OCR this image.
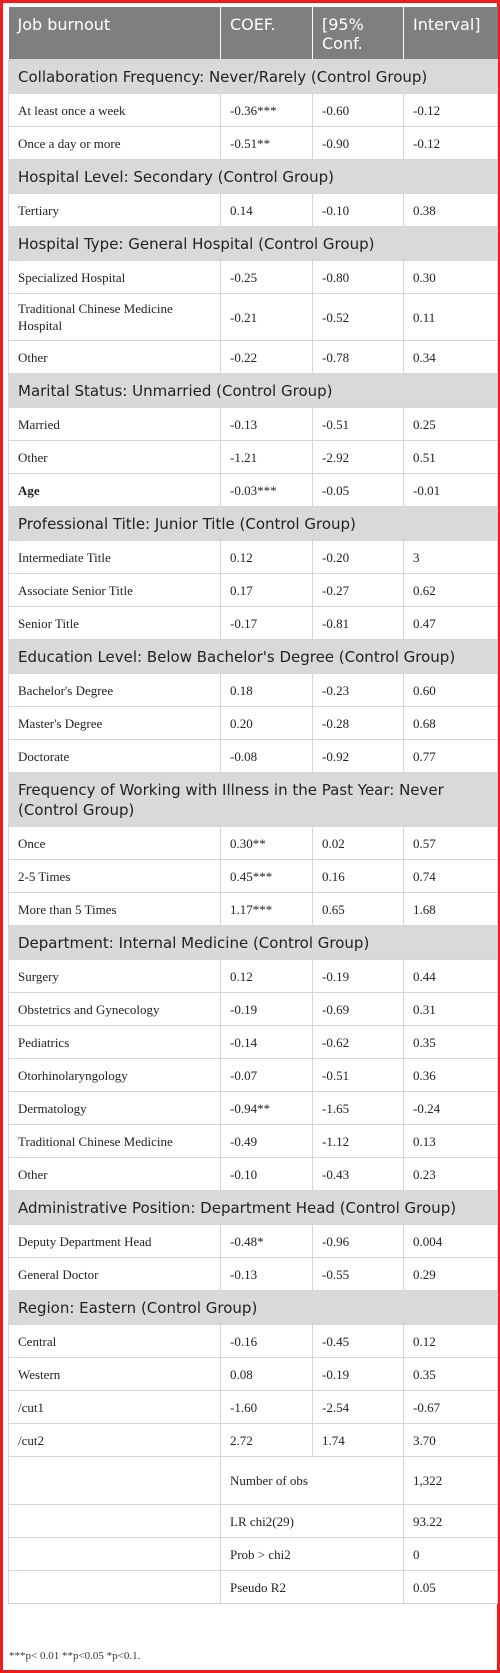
Job burnout	COEF.	[95% Conf.	Interval]
Collaboration Frequency: Never/Rarely (Control Group)			
At least once a week	-0.36***	-0.60	-0.12
Once a day or more	-0.51**	-0.90	-0.12
Hospital Level: Secondary (Control Group)			
Tertiary	0.14	-0.10	0.38
Hospital Type: General Hospital (Control Group)			
Specialized Hospital	-0.25	-0.80	0.30
Traditional Chinese Medicine Hospital	-0.21	-0.52	0.11
Other	-0.22	-0.78	0.34
Marital Status: Unmarried (Control Group)			
Married	-0.13	-0.51	0.25
Other	-1.21	-2.92	0.51
Age	-0.03***	-0.05	-0.01
Professional Title: Junior Title (Control Group)			
Intermediate Title	0.12	-0.20	3
Associate Senior Title	0.17	-0.27	0.62
Senior Title	-0.17	-0.81	0.47
Education Level: Below Bachelor's Degree (Control Group)			
Bachelor's Degree	0.18	-0.23	0.60
Master's Degree	0.20	-0.28	0.68
Doctorate	-0.08	-0.92	0.77
Frequency of Working with Illness in the Past Year: Never (Control Group)			
Once	0.30**	0.02	0.57
2-5 Times	0.45***	0.16	0.74
More than 5 Times	1.17***	0.65	1.68
Department: Internal Medicine (Control Group)			
Surgery	0.12	-0.19	0.44
Obstetrics and Gynecology	-0.19	-0.69	0.31
Pediatrics	-0.14	-0.62	0.35
Otorhinolaryngology	-0.07	-0.51	0.36
Dermatology	-0.94**	-1.65	-0.24
Traditional Chinese Medicine	-0.49	-1.12	0.13
Other	-0.10	-0.43	0.23
Administrative Position: Department Head (Control Group)			
Deputy Department Head	-0.48*	-0.96	0.004
General Doctor	-0.13	-0.55	0.29
Region: Eastern (Control Group)			
Central	-0.16	-0.45	0.12
Western	0.08	-0.19	0.35
/cut1	-1.60	-2.54	-0.67
/cut2	2.72	1.74	3.70
	Number of obs		1,322
	LR chi2(29)		93.22
	Prob > chi2		0
	Pseudo R2		0.05
***p< 0.01 **p<0.05 *p<0.1.
